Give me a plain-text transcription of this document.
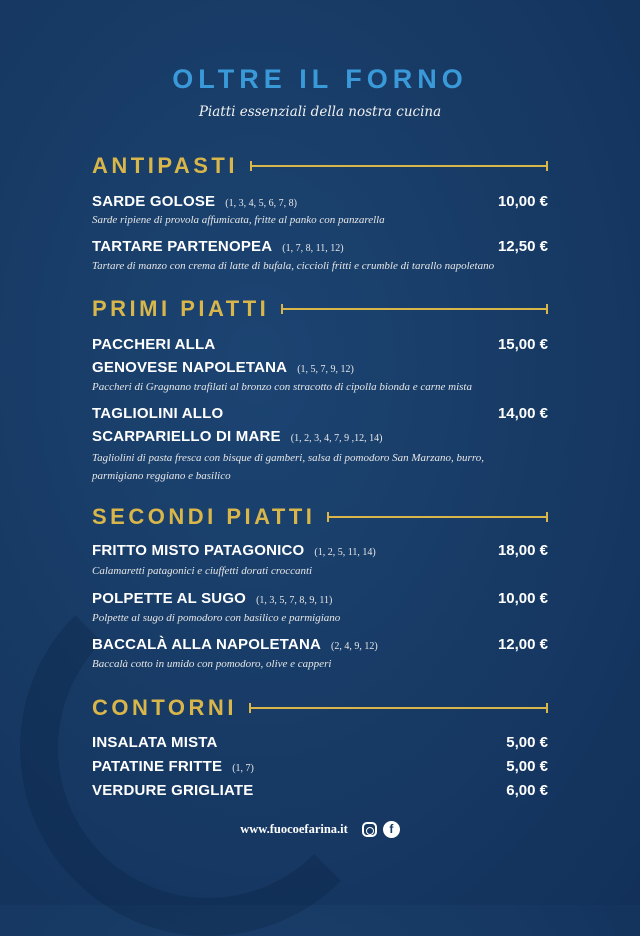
OLTRE IL FORNO
Piatti essenziali della nostra cucina
ANTIPASTI
SARDE GOLOSE (1, 3, 4, 5, 6, 7, 8)	10,00 €
Sarde ripiene di provola affumicata, fritte al panko con panzarella
TARTARE PARTENOPEA (1, 7, 8, 11, 12)	12,50 €
Tartare di manzo con crema di latte di bufala, ciccioli fritti e crumble di tarallo napoletano
PRIMI PIATTI
PACCHERI ALLA	15,00 €
GENOVESE NAPOLETANA (1, 5, 7, 9, 12)
Paccheri di Gragnano trafilati al bronzo con stracotto di cipolla bionda e carne mista
TAGLIOLINI ALLO	14,00 €
SCARPARIELLO DI MARE (1, 2, 3, 4, 7, 9 ,12, 14)
Tagliolini di pasta fresca con bisque di gamberi, salsa di pomodoro San Marzano, burro,
parmigiano reggiano e basilico
SECONDI PIATTI
FRITTO MISTO PATAGONICO (1, 2, 5, 11, 14)	18,00 €
Calamaretti patagonici e ciuffetti dorati croccanti
POLPETTE AL SUGO (1, 3, 5, 7, 8, 9, 11)	10,00 €
Polpette al sugo di pomodoro con basilico e parmigiano
BACCALÀ ALLA NAPOLETANA (2, 4, 9, 12)	12,00 €
Baccalà cotto in umido con pomodoro, olive e capperi
CONTORNI
INSALATA MISTA	5,00 €
PATATINE FRITTE (1, 7)	5,00 €
VERDURE GRIGLIATE	6,00 €
www.fuocoefarina.it	f
